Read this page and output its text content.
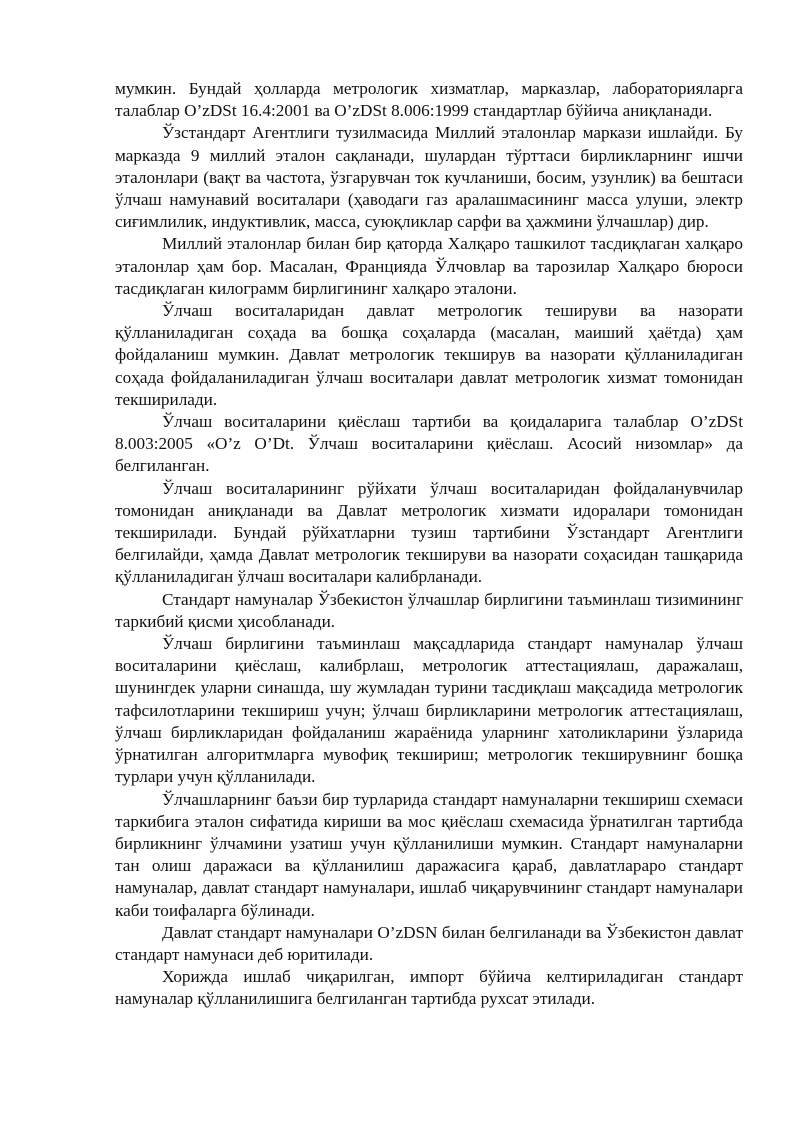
мумкин. Бундай ҳолларда метрологик хизматлар, марказлар, лабораторияларга талаблар O’zDSt 16.4:2001 ва O’zDSt 8.006:1999 стандартлар бўйича аниқланади.

Ўзстандарт Агентлиги тузилмасида Миллий эталонлар маркази ишлайди. Бу марказда 9 миллий эталон сақланади, шулардан тўрттаси бирликларнинг ишчи эталонлари (вақт ва частота, ўзгарувчан ток кучланиши, босим, узунлик) ва бештаси ўлчаш намунавий воситалари (ҳаводаги газ аралашмасининг масса улуши, электр сиғимлилик, индуктивлик, масса, суюқликлар сарфи ва ҳажмини ўлчашлар) дир.

Миллий эталонлар билан бир қаторда Халқаро ташкилот тасдиқлаган халқаро эталонлар ҳам бор. Масалан, Францияда Ўлчовлар ва тарозилар Халқаро бюроси тасдиқлаган килограмм бирлигининг халқаро эталони.

Ўлчаш воситаларидан давлат метрологик тешируви ва назорати қўлланиладиган соҳада ва бошқа соҳаларда (масалан, маиший ҳаётда) ҳам фойдаланиш мумкин. Давлат метрологик текширув ва назорати қўлланиладиган соҳада фойдаланиладиган ўлчаш воситалари давлат метрологик хизмат томонидан текширилади.

Ўлчаш воситаларини қиёслаш тартиби ва қоидаларига талаблар O’zDSt 8.003:2005 «O’z O’Dt. Ўлчаш воситаларини қиёслаш. Асосий низомлар» да белгиланган.

Ўлчаш воситаларининг рўйхати ўлчаш воситаларидан фойдаланувчилар томонидан аниқланади ва Давлат метрологик хизмати идоралари томонидан текширилади. Бундай рўйхатларни тузиш тартибини Ўзстандарт Агентлиги белгилайди, ҳамда Давлат метрологик текшируви ва назорати соҳасидан ташқарида қўлланиладиган ўлчаш воситалари калибрланади.

Стандарт намуналар Ўзбекистон ўлчашлар бирлигини таъминлаш тизимининг таркибий қисми ҳисобланади.

Ўлчаш бирлигини таъминлаш мақсадларида стандарт намуналар ўлчаш воситаларини қиёслаш, калибрлаш, метрологик аттестациялаш, даражалаш, шунингдек уларни синашда, шу жумладан турини тасдиқлаш мақсадида метрологик тафсилотларини текшириш учун; ўлчаш бирликларини метрологик аттестациялаш, ўлчаш бирликларидан фойдаланиш жараёнида уларнинг хатоликларини ўзларида ўрнатилган алгоритмларга мувофиқ текшириш; метрологик текширувнинг бошқа турлари учун қўлланилади.

Ўлчашларнинг баъзи бир турларида стандарт намуналарни текшириш схемаси таркибига эталон сифатида кириши ва мос қиёслаш схемасида ўрнатилган тартибда бирликнинг ўлчамини узатиш учун қўлланилиши мумкин. Стандарт намуналарни тан олиш даражаси ва қўлланилиш даражасига қараб, давлатлараро стандарт намуналар, давлат стандарт намуналари, ишлаб чиқарувчининг стандарт намуналари каби тоифаларга бўлинади.

Давлат стандарт намуналари O’zDSN билан белгиланади ва Ўзбекистон давлат стандарт намунаси деб юритилади.

Хорижда ишлаб чиқарилган, импорт бўйича келтириладиган стандарт намуналар қўлланилишига белгиланган тартибда рухсат этилади.
